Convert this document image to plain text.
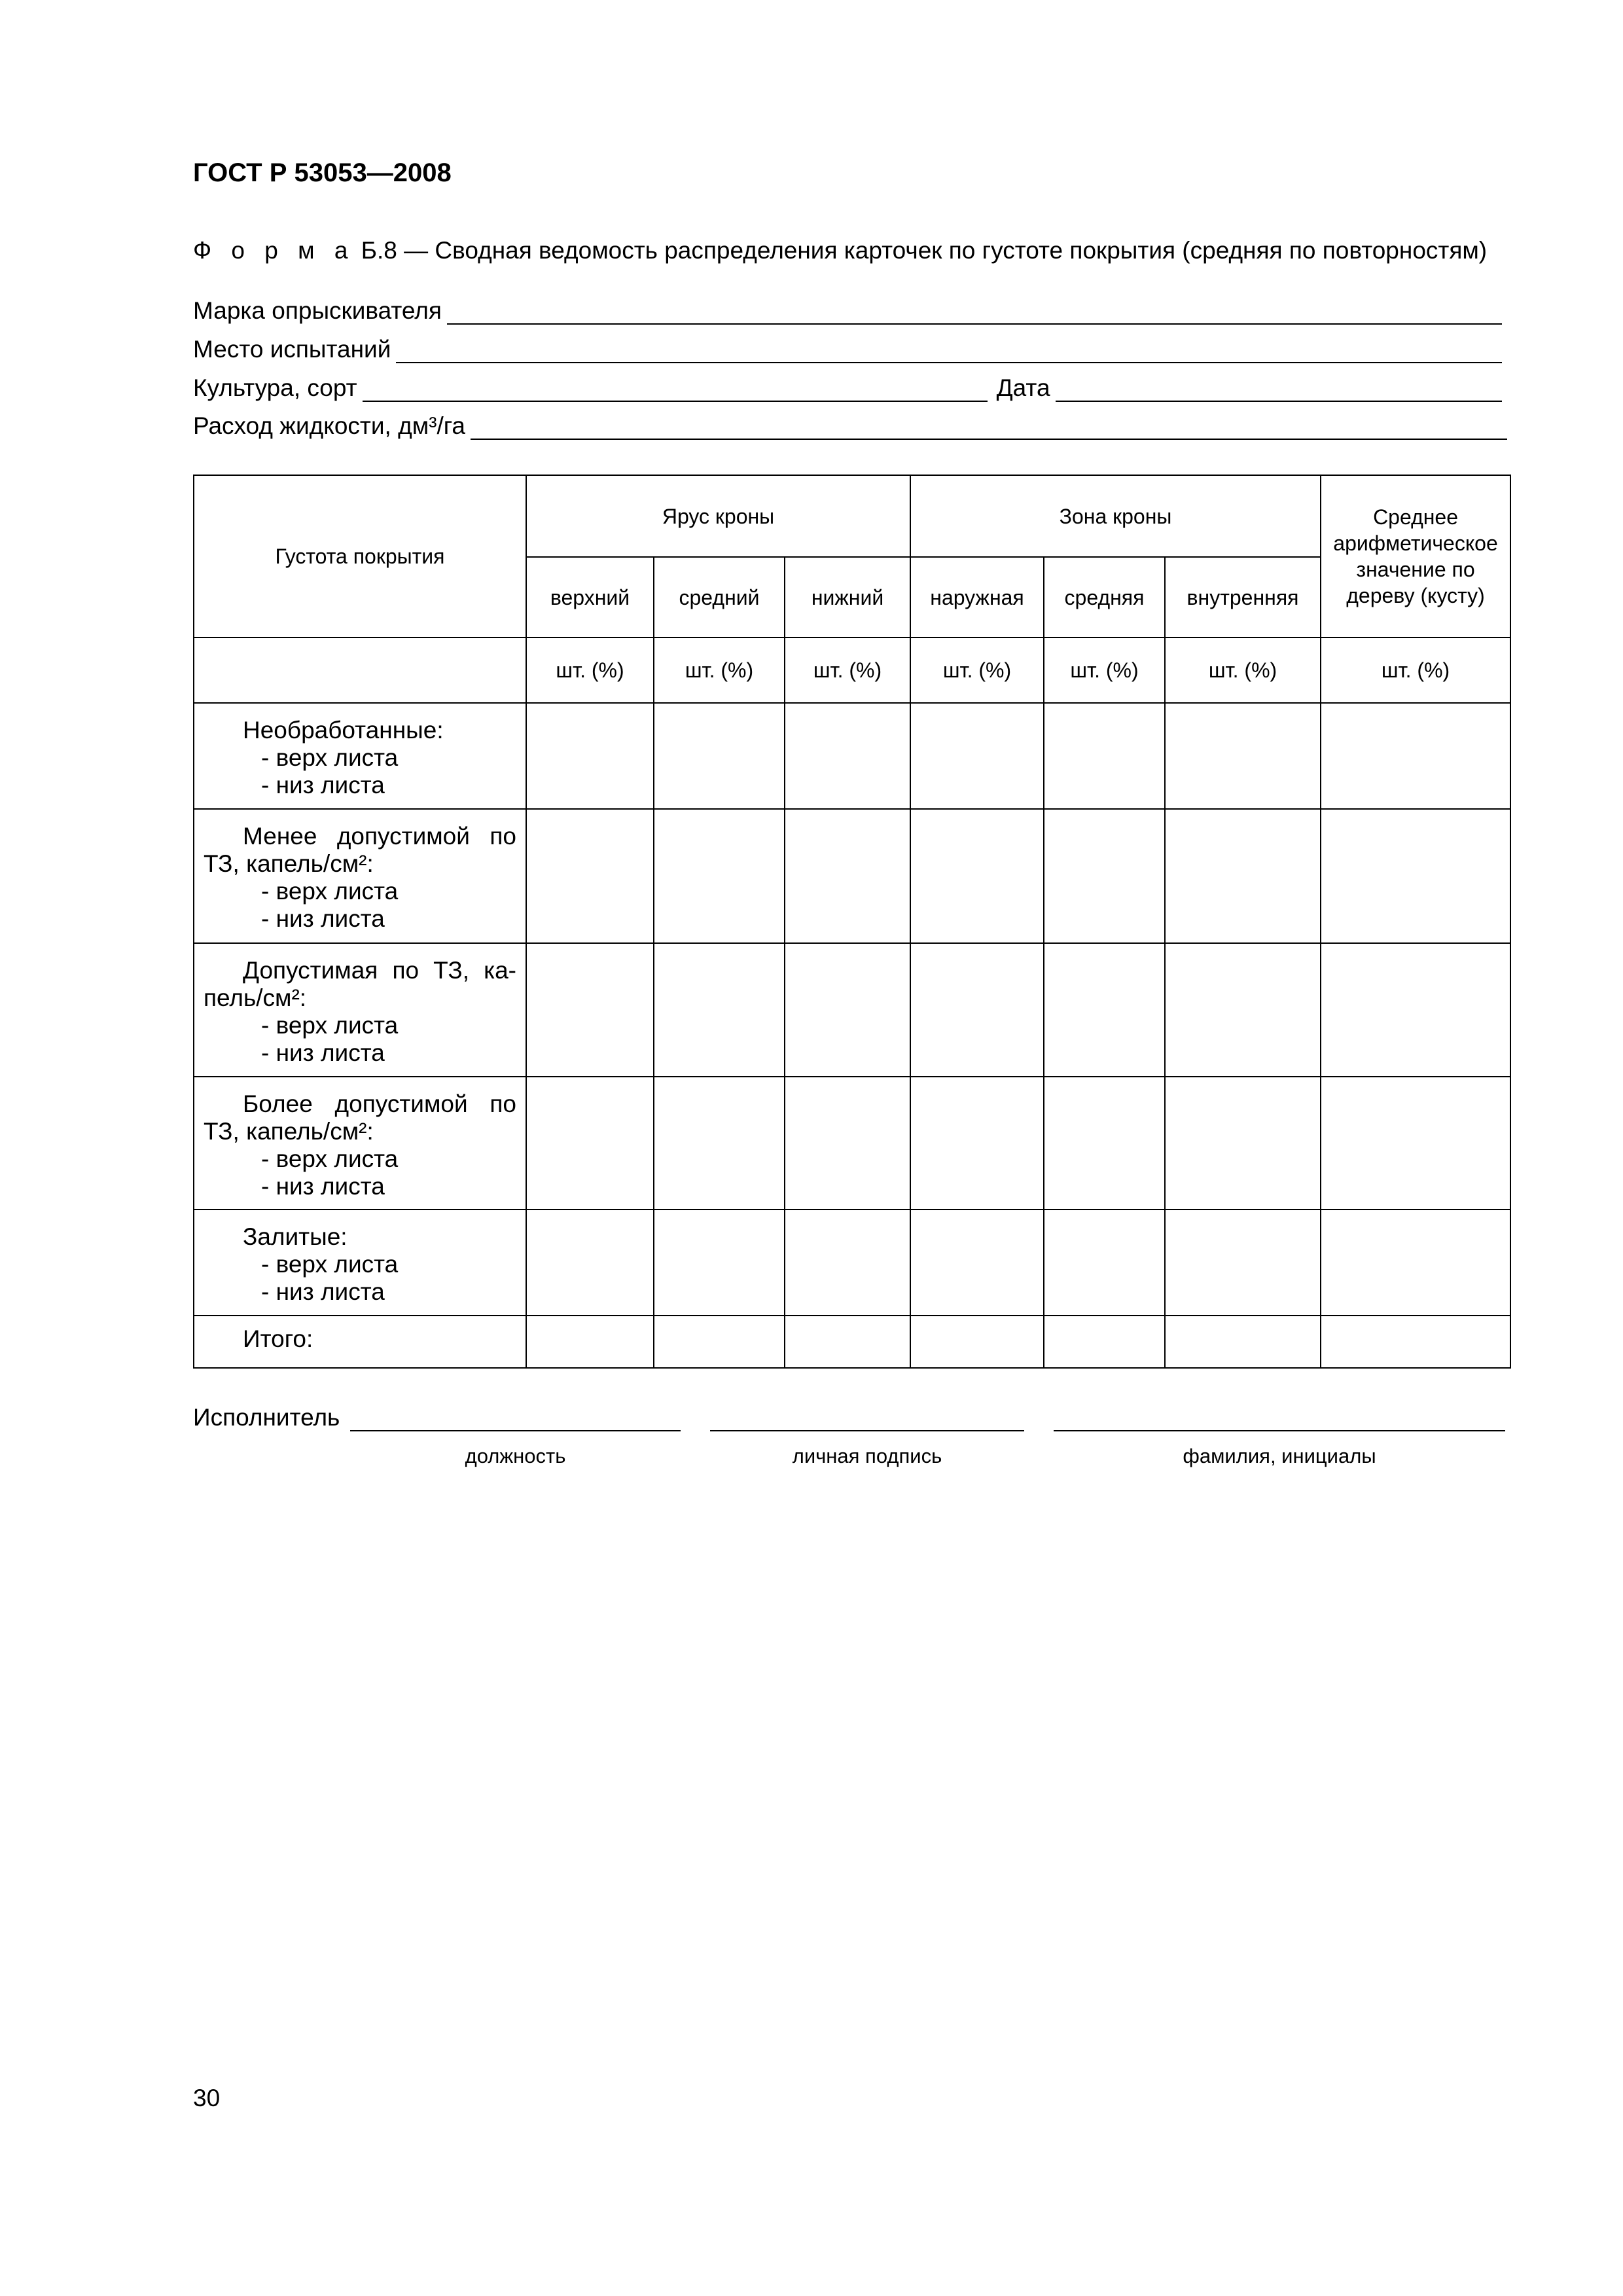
ГОСТ Р 53053—2008
Ф о р м а Б.8 — Сводная ведомость распределения карточек по густоте покрытия (средняя по повторностям)
Марка опрыскивателя
Место испытаний
Культура, сорт	Дата
Расход жидкости, дм³/га
Густота покрытия	Ярус кроны			Зона кроны			Среднее арифметическое значение по дереву (кусту)
	верхний	средний	нижний	наружная	средняя	внутренняя	
	шт. (%)	шт. (%)	шт. (%)	шт. (%)	шт. (%)	шт. (%)	шт. (%)

Необработанные:
- верх листа
- низ листа							

Менее допустимой по ТЗ, капель/см²:
- верх листа
- низ листа							

Допустимая по ТЗ, капель/см²:
- верх листа
- низ листа							

Более допустимой по ТЗ, капель/см²:
- верх листа
- низ листа							

Залитые:
- верх листа
- низ листа							

Итого:							

Исполнитель
должность	личная подпись	фамилия, инициалы
30
